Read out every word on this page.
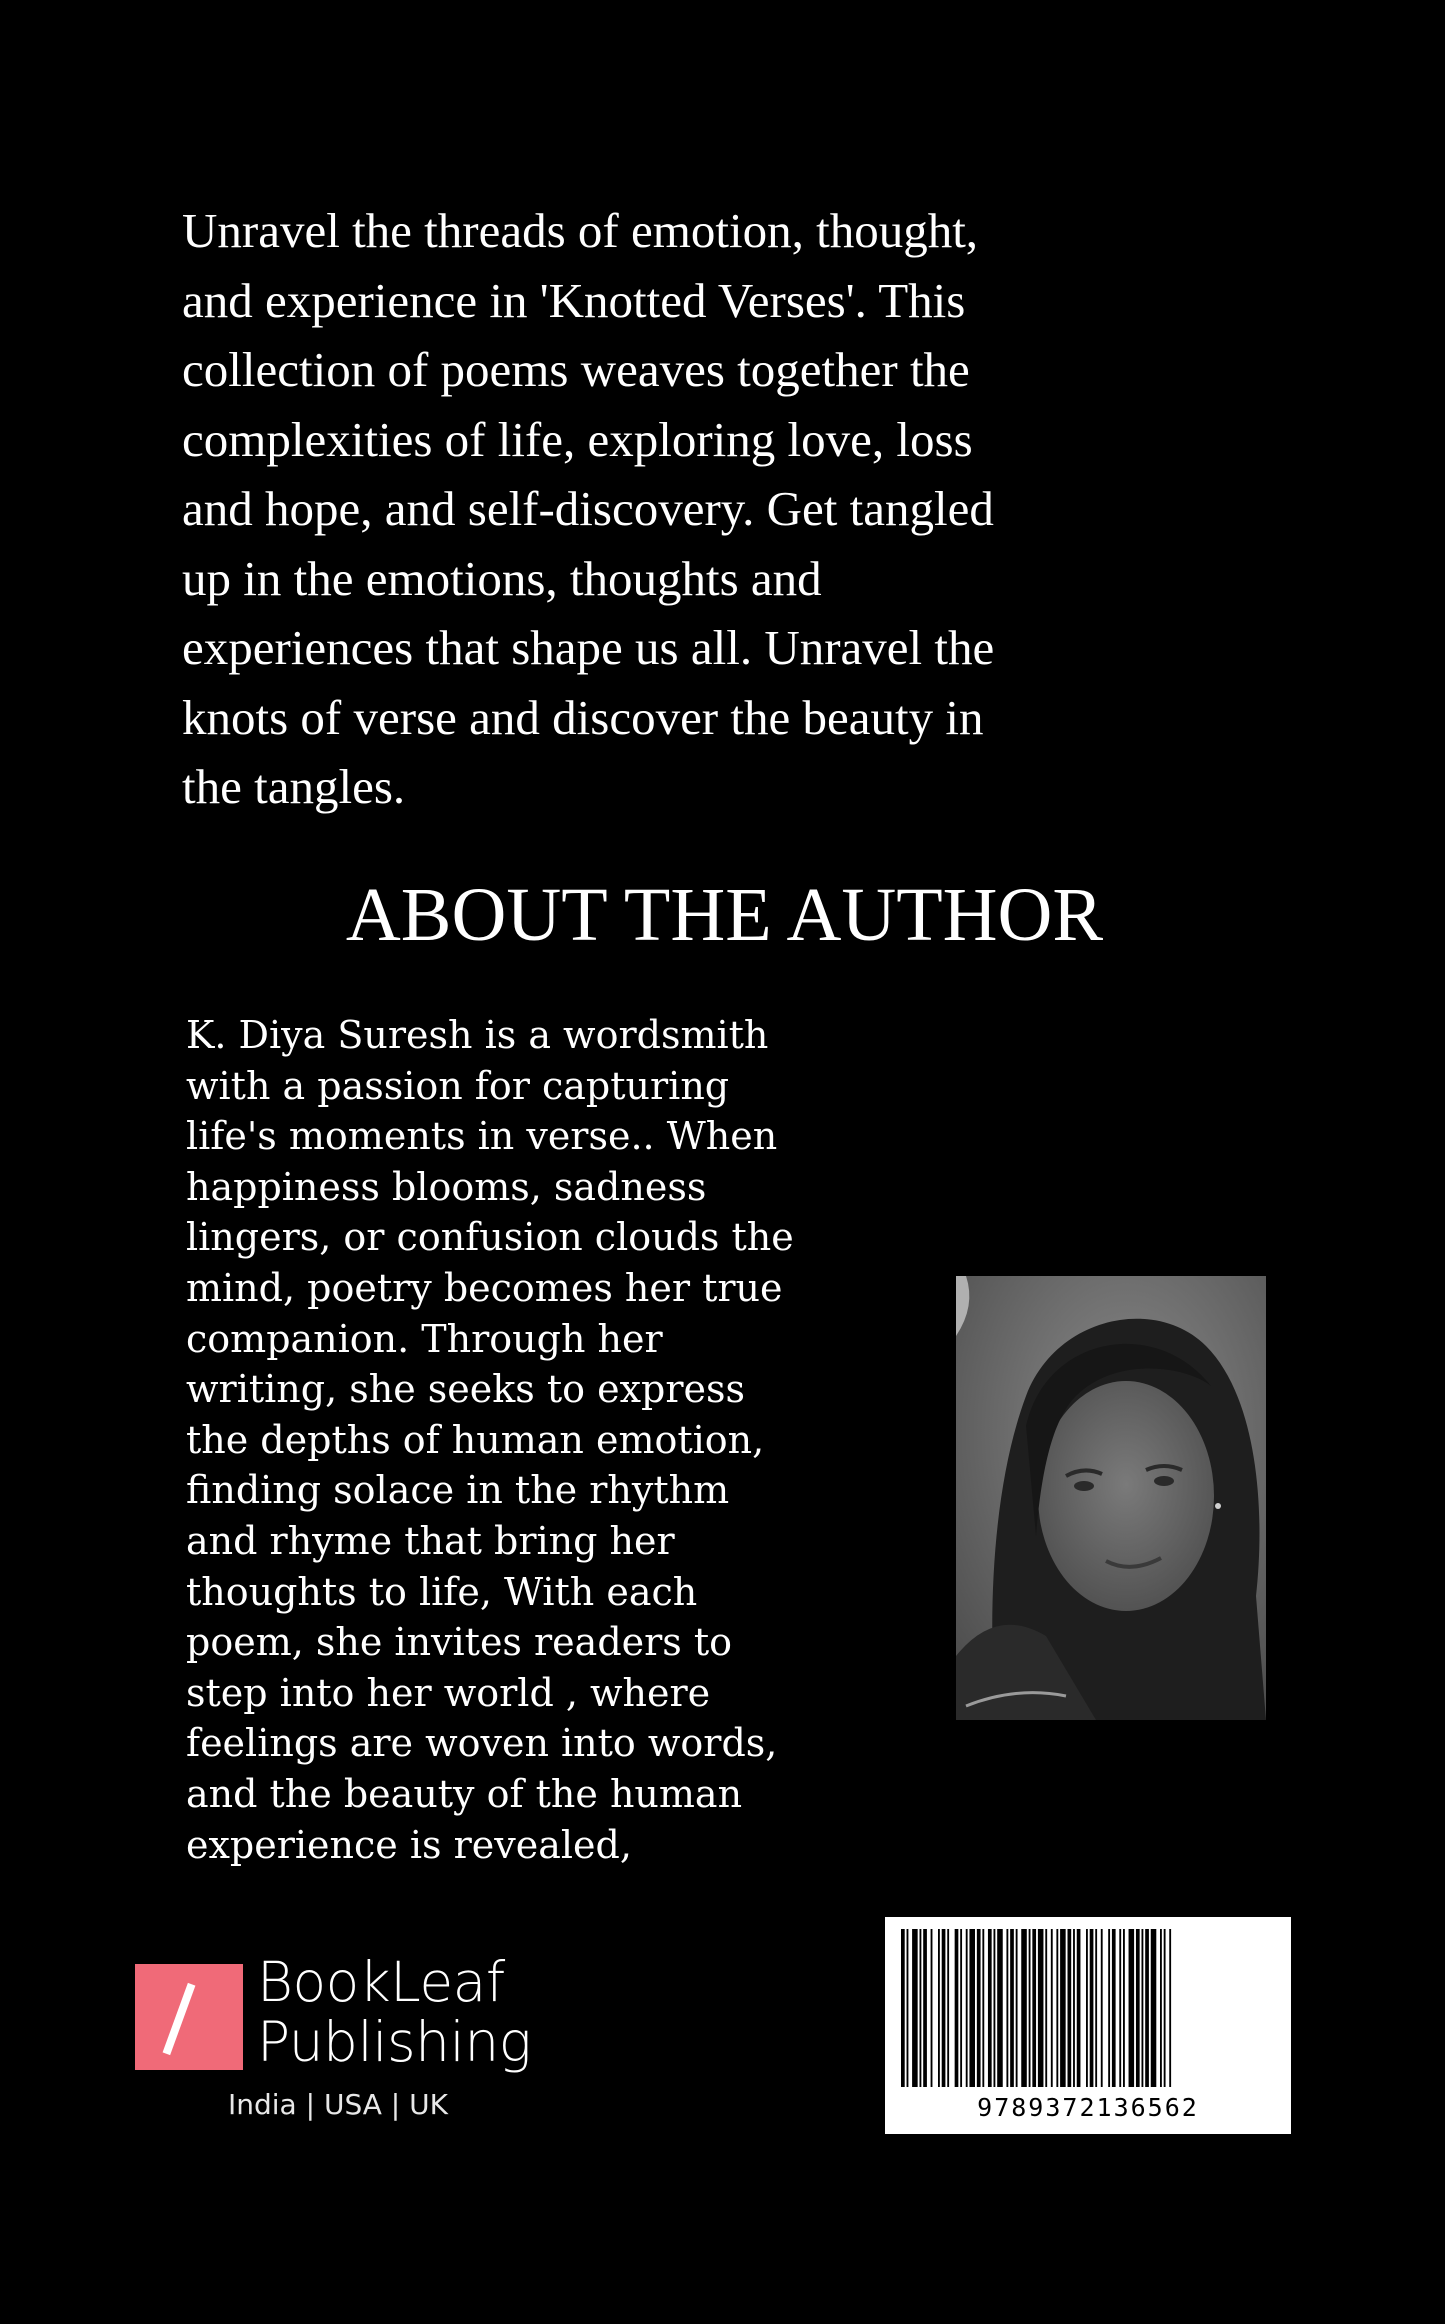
Unravel the threads of emotion, thought,
and experience in 'Knotted Verses'. This
collection of poems weaves together the
complexities of life, exploring love, loss
and hope, and self-discovery. Get tangled
up in the emotions, thoughts and
experiences that shape us all. Unravel the
knots of verse and discover the beauty in
the tangles.
ABOUT THE AUTHOR
K. Diya Suresh is a wordsmith
with a passion for capturing
life's moments in verse.. When
happiness blooms, sadness
lingers, or confusion clouds the
mind, poetry becomes her true
companion. Through her
writing, she seeks to express
the depths of human emotion,
finding solace in the rhythm
and rhyme that bring her
thoughts to life, With each
poem, she invites readers to
step into her world , where
feelings are woven into words,
and the beauty of the human
experience is revealed,
BookLeaf
Publishing
India | USA | UK	9789372136562
